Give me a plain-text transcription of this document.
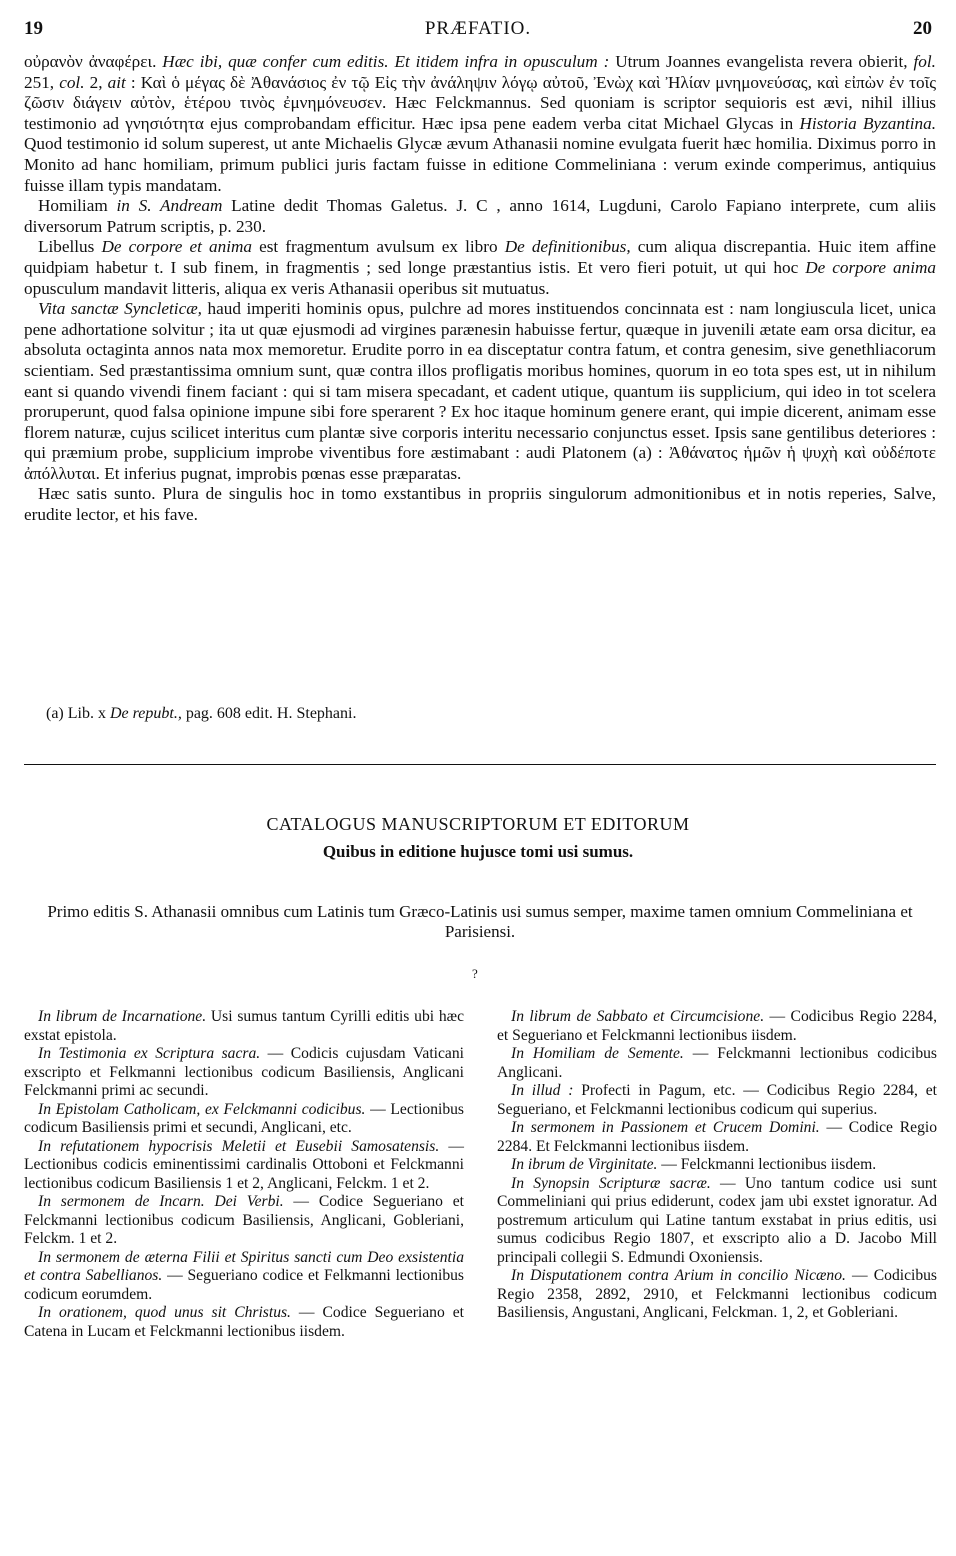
19	PRÆFATIO.	20

οὐρανὸν ἀναφέρει. Hæc ibi, quæ confer cum editis. Et itidem infra in opusculum : Utrum Joannes evangelista revera obierit, fol. 251, col. 2, ait : Καὶ ὁ μέγας δὲ Ἀθανάσιος ἐν τῷ Εἰς τὴν ἀνάληψιν λόγῳ αὐτοῦ, Ἐνὼχ καὶ Ἠλίαν μνημονεύσας, καὶ εἰπὼν ἐν τοῖς ζῶσιν διάγειν αὐτὸν, ἑτέρου τινὸς ἐμνημόνευσεν. Hæc Felckmannus. Sed quoniam is scriptor sequioris est ævi, nihil illius testimonio ad γνησιότητα ejus comprobandam efficitur. Hæc ipsa pene eadem verba citat Michael Glycas in Historia Byzantina. Quod testimonio id solum superest, ut ante Michaelis Glycæ ævum Athanasii nomine evulgata fuerit hæc homilia. Diximus porro in Monito ad hanc homiliam, primum publici juris factam fuisse in editione Commeliniana : verum exinde comperimus, antiquius fuisse illam typis mandatam.

Homiliam in S. Andream Latine dedit Thomas Galetus. J. C , anno 1614, Lugduni, Carolo Fapiano interprete, cum aliis diversorum Patrum scriptis, p. 230.

Libellus De corpore et anima est fragmentum avulsum ex libro De definitionibus, cum aliqua discrepantia. Huic item affine quidpiam habetur t. I sub finem, in fragmentis ; sed longe præstantius istis. Et vero fieri potuit, ut qui hoc De corpore anima opusculum mandavit litteris, aliqua ex veris Athanasii operibus sit mutuatus.

Vita sanctæ Syncleticæ, haud imperiti hominis opus, pulchre ad mores instituendos concinnata est : nam longiuscula licet, unica pene adhortatione solvitur ; ita ut quæ ejusmodi ad virgines parænesin habuisse fertur, quæque in juvenili ætate eam orsa dicitur, ea absoluta octaginta annos nata mox memoretur. Erudite porro in ea disceptatur contra fatum, et contra genesim, sive genethliacorum scientiam. Sed præstantissima omnium sunt, quæ contra illos profligatis moribus homines, quorum in eo tota spes est, ut in nihilum eant si quando vivendi finem faciant : qui si tam misera specadant, et cadent utique, quantum iis supplicium, qui ideo in tot scelera proruperunt, quod falsa opinione impune sibi fore sperarent ? Ex hoc itaque hominum genere erant, qui impie dicerent, animam esse florem naturæ, cujus scilicet interitus cum plantæ sive corporis interitu necessario conjunctus esset. Ipsis sane gentilibus deteriores : qui præmium probe, supplicium improbe viventibus fore æstimabant : audi Platonem (a) : Ἀθάνατος ἡμῶν ἡ ψυχὴ καὶ οὐδέποτε ἀπόλλυται. Et inferius pugnat, improbis pœnas esse præparatas.

Hæc satis sunto. Plura de singulis hoc in tomo exstantibus in propriis singulorum admonitionibus et in notis reperies, Salve, erudite lector, et his fave.

(a) Lib. x De repubt., pag. 608 edit. H. Stephani.
CATALOGUS MANUSCRIPTORUM ET EDITORUM
Quibus in editione hujusce tomi usi sumus.
Primo editis S. Athanasii omnibus cum Latinis tum Græco-Latinis usi sumus semper, maxime tamen omnium Commeliniana et Parisiensi.
?

In librum de Incarnatione. Usi sumus tantum Cyrilli editis ubi hæc exstat epistola.

In Testimonia ex Scriptura sacra. — Codicis cujusdam Vaticani exscripto et Felkmanni lectionibus codicum Basiliensis, Anglicani Felckmanni primi ac secundi.

In Epistolam Catholicam, ex Felckmanni codicibus. — Lectionibus codicum Basiliensis primi et secundi, Anglicani, etc.

In refutationem hypocrisis Meletii et Eusebii Samosatensis. — Lectionibus codicis eminentissimi cardinalis Ottoboni et Felckmanni lectionibus codicum Basiliensis 1 et 2, Anglicani, Felckm. 1 et 2.

In sermonem de Incarn. Dei Verbi. — Codice Segueriano et Felckmanni lectionibus codicum Basiliensis, Anglicani, Gobleriani, Felckm. 1 et 2.

In sermonem de æterna Filii et Spiritus sancti cum Deo exsistentia et contra Sabellianos. — Segueriano codice et Felkmanni lectionibus codicum eorumdem.

In orationem, quod unus sit Christus. — Codice Segueriano et Catena in Lucam et Felckmanni lectionibus iisdem.

In librum de Sabbato et Circumcisione. — Codicibus Regio 2284, et Segueriano et Felckmanni lectionibus iisdem.

In Homiliam de Semente. — Felckmanni lectionibus codicibus Anglicani.

In illud : Profecti in Pagum, etc. — Codicibus Regio 2284, et Segueriano, et Felckmanni lectionibus codicum qui superius.

In sermonem in Passionem et Crucem Domini. — Codice Regio 2284. Et Felckmanni lectionibus iisdem.

In ibrum de Virginitate. — Felckmanni lectionibus iisdem.

In Synopsin Scripturæ sacræ. — Uno tantum codice usi sunt Commeliniani qui prius ediderunt, codex jam ubi exstet ignoratur. Ad postremum articulum qui Latine tantum exstabat in prius editis, usi sumus codicibus Regio 1807, et exscripto alio a D. Jacobo Mill principali collegii S. Edmundi Oxoniensis.

In Disputationem contra Arium in concilio Nicæno. — Codicibus Regio 2358, 2892, 2910, et Felckmanni lectionibus codicum Basiliensis, Angustani, Anglicani, Felckman. 1, 2, et Gobleriani.
